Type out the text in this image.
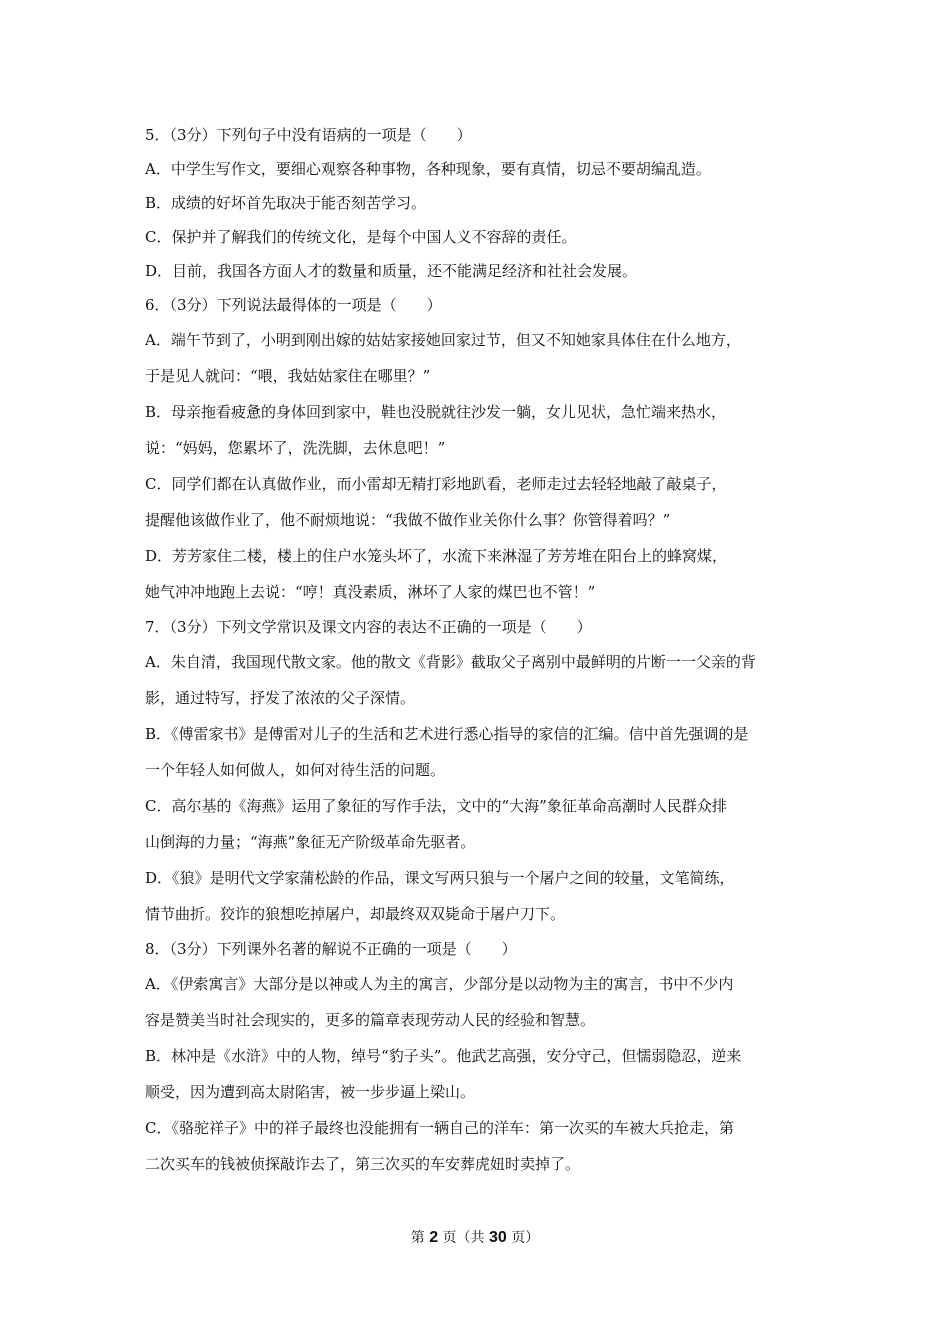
5．（3分）下列句子中没有语病的一项是（　　）
A．中学生写作文，要细心观察各种事物，各种现象，要有真情，切忌不要胡编乱造。
B．成绩的好坏首先取决于能否刻苦学习。
C．保护并了解我们的传统文化，是每个中国人义不容辞的责任。
D．目前，我国各方面人才的数量和质量，还不能满足经济和社社会发展。
6．（3分）下列说法最得体的一项是（　　）
A．端午节到了，小明到刚出嫁的姑姑家接她回家过节，但又不知她家具体住在什么地方，
于是见人就问：“喂，我姑姑家住在哪里？”
B．母亲拖看疲惫的身体回到家中，鞋也没脱就往沙发一躺，女儿见状，急忙端来热水，
说：“妈妈，您累坏了，洗洗脚，去休息吧！”
C．同学们都在认真做作业，而小雷却无精打彩地趴看，老师走过去轻轻地敲了敲桌子，
提醒他该做作业了，他不耐烦地说：“我做不做作业关你什么事？你管得着吗？”
D．芳芳家住二楼，楼上的住户水笼头坏了，水流下来淋湿了芳芳堆在阳台上的蜂窝煤，
她气冲冲地跑上去说：“哼！真没素质，淋坏了人家的煤巴也不管！”
7．（3分）下列文学常识及课文内容的表达不正确的一项是（　　）
A．朱自清，我国现代散文家。他的散文《背影》截取父子离别中最鲜明的片断一一父亲的背
影，通过特写，抒发了浓浓的父子深情。
B．《傅雷家书》是傅雷对儿子的生活和艺术进行悉心指导的家信的汇编。信中首先强调的是
一个年轻人如何做人，如何对待生活的问题。
C．高尔基的《海燕》运用了象征的写作手法，文中的“大海”象征革命高潮时人民群众排
山倒海的力量；“海燕”象征无产阶级革命先驱者。
D．《狼》是明代文学家蒲松龄的作品，课文写两只狼与一个屠户之间的较量，文笔简练，
情节曲折。狡诈的狼想吃掉屠户，却最终双双毙命于屠户刀下。
8．（3分）下列课外名著的解说不正确的一项是（　　）
A．《伊索寓言》大部分是以神或人为主的寓言，少部分是以动物为主的寓言，书中不少内
容是赞美当时社会现实的，更多的篇章表现劳动人民的经验和智慧。
B．林冲是《水浒》中的人物，绰号“豹子头”。他武艺高强，安分守己，但懦弱隐忍，逆来
顺受，因为遭到高太尉陷害，被一步步逼上梁山。
C．《骆驼祥子》中的祥子最终也没能拥有一辆自己的洋车：第一次买的车被大兵抢走，第
二次买车的钱被侦探敲诈去了，第三次买的车安葬虎妞时卖掉了。
第 2 页（共 30 页）
